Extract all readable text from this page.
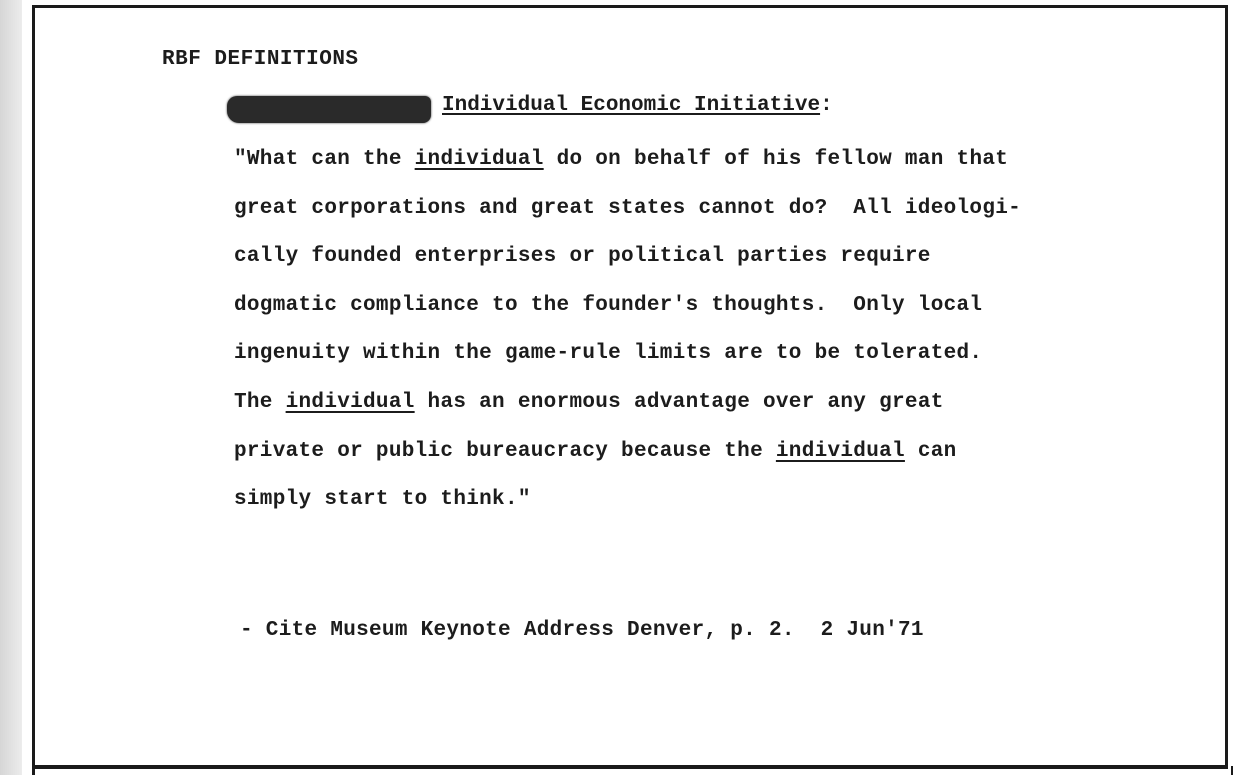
RBF DEFINITIONS
Individual Economic Initiative:
"What can the individual do on behalf of his fellow man that
great corporations and great states cannot do?  All ideologi-
cally founded enterprises or political parties require
dogmatic compliance to the founder's thoughts.  Only local
ingenuity within the game-rule limits are to be tolerated.
The individual has an enormous advantage over any great
private or public bureaucracy because the individual can
simply start to think."
- Cite Museum Keynote Address Denver, p. 2.  2 Jun'71
